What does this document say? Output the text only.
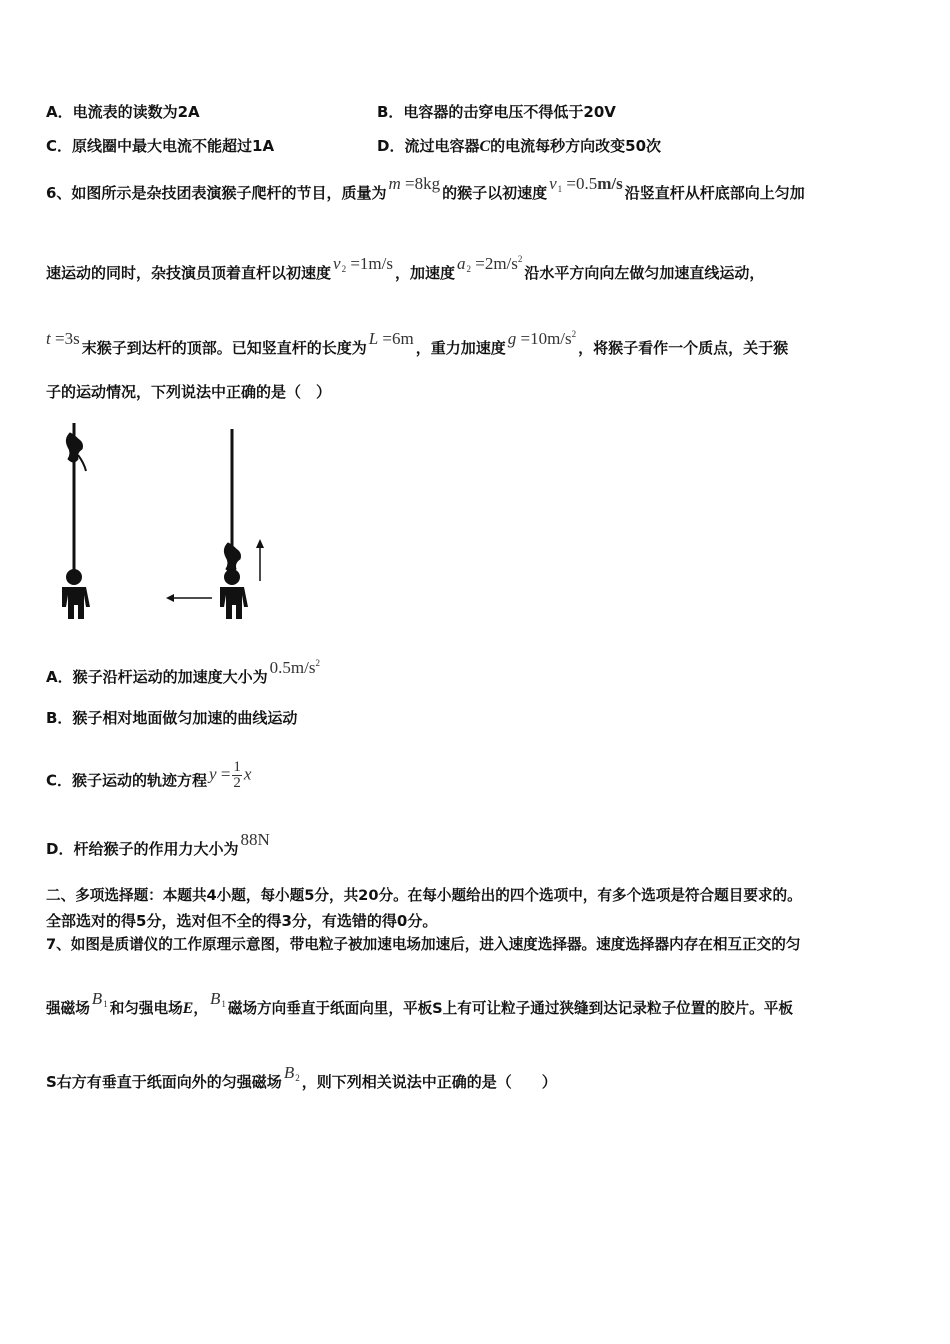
A．电流表的读数为2A	B．电容器的击穿电压不得低于20V
C．原线圈中最大电流不能超过1A	D．流过电容器C的电流每秒方向改变50次
6、如图所示是杂技团表演猴子爬杆的节目，质量为 m =8kg 的猴子以初速度 $v_1 =0.5m/s$ 沿竖直杆从杆底部向上匀加
速运动的同时，杂技演员顶着直杆以初速度 $v_2 =1m/s$ ，加速度 $a_2 =2m/s^2$沿水平方向向左做匀加速直线运动，
t =3s 末猴子到达杆的顶部。已知竖直杆的长度为 L =6m ，重力加速度 $g =10m/s^2$，将猴子看作一个质点，关于猴
子的运动情况，下列说法中正确的是（　）
A．猴子沿杆运动的加速度大小为 $0.5m/s^2$
B．猴子相对地面做匀加速的曲线运动
C．猴子运动的轨迹方程 $y = \frac{1}{2}$ x
D．杆给猴子的作用力大小为 88N
二、多项选择题：本题共4小题，每小题5分，共20分。在每小题给出的四个选项中，有多个选项是符合题目要求的。
全部选对的得5分，选对但不全的得3分，有选错的得0分。
7、如图是质谱仪的工作原理示意图，带电粒子被加速电场加速后，进入速度选择器。速度选择器内存在相互正交的匀
强磁场$B_1$ 和匀强电场E，$B_1$ 磁场方向垂直于纸面向里，平板S上有可让粒子通过狭缝到达记录粒子位置的胶片。平板
S右方有垂直于纸面向外的匀强磁场 $B_2$ ，则下列相关说法中正确的是（　　）
